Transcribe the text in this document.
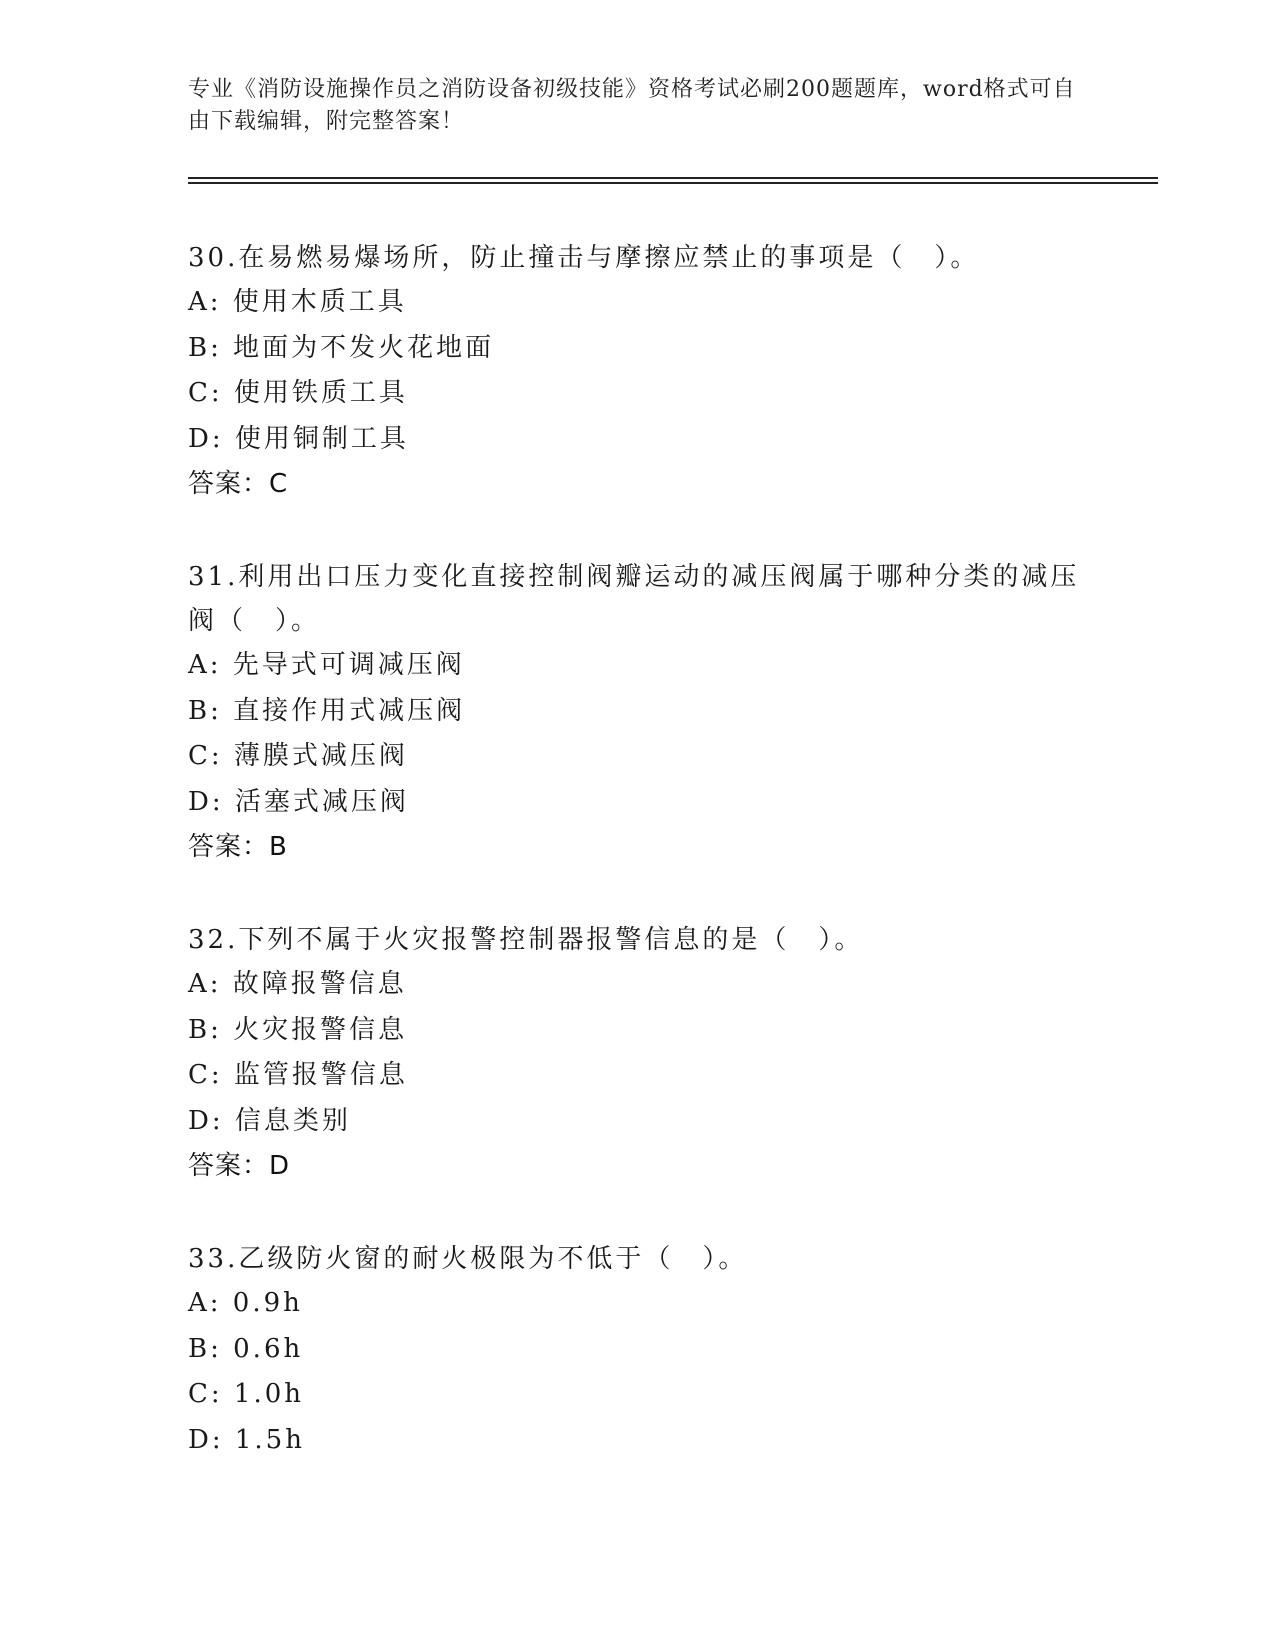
专业《消防设施操作员之消防设备初级技能》资格考试必刷200题题库，word格式可自由下载编辑，附完整答案！

30.在易燃易爆场所，防止撞击与摩擦应禁止的事项是（　）。

A: 使用木质工具

B: 地面为不发火花地面

C: 使用铁质工具

D: 使用铜制工具

答案：C

31.利用出口压力变化直接控制阀瓣运动的减压阀属于哪种分类的减压阀（　）。

A: 先导式可调减压阀

B: 直接作用式减压阀

C: 薄膜式减压阀

D: 活塞式减压阀

答案：B

32.下列不属于火灾报警控制器报警信息的是（　）。

A: 故障报警信息

B: 火灾报警信息

C: 监管报警信息

D: 信息类别

答案：D

33.乙级防火窗的耐火极限为不低于（　）。

A: 0.9h

B: 0.6h

C: 1.0h

D: 1.5h
